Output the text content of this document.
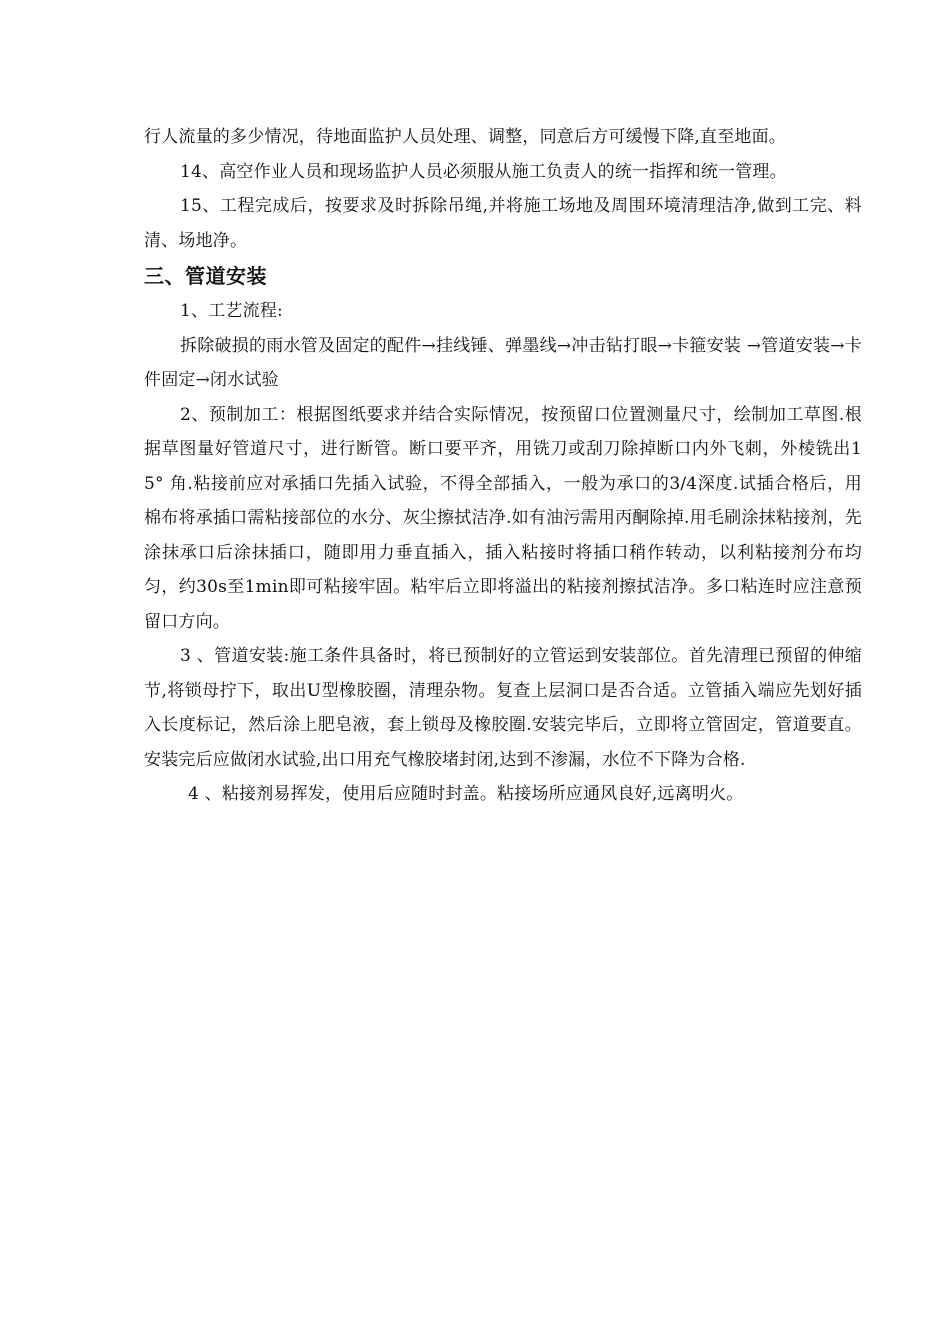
行人流量的多少情况，待地面监护人员处理、调整，同意后方可缓慢下降,直至地面。

14、高空作业人员和现场监护人员必须服从施工负责人的统一指挥和统一管理。

15、工程完成后，按要求及时拆除吊绳,并将施工场地及周围环境清理洁净,做到工完、料清、场地净。

三、管道安装

1、工艺流程:

拆除破损的雨水管及固定的配件→挂线锤、弹墨线→冲击钻打眼→卡箍安装 →管道安装→卡件固定→闭水试验

2、预制加工：根据图纸要求并结合实际情况，按预留口位置测量尺寸，绘制加工草图.根据草图量好管道尺寸，进行断管。断口要平齐，用铣刀或刮刀除掉断口内外飞刺，外棱铣出15° 角.粘接前应对承插口先插入试验，不得全部插入，一般为承口的3/4深度.试插合格后，用棉布将承插口需粘接部位的水分、灰尘擦拭洁净.如有油污需用丙酮除掉.用毛刷涂抹粘接剂，先涂抹承口后涂抹插口，随即用力垂直插入，插入粘接时将插口稍作转动，以利粘接剂分布均匀，约30s至1min即可粘接牢固。粘牢后立即将溢出的粘接剂擦拭洁净。多口粘连时应注意预留口方向。

3 、管道安装:施工条件具备时，将已预制好的立管运到安装部位。首先清理已预留的伸缩节,将锁母拧下，取出U型橡胶圈，清理杂物。复查上层洞口是否合适。立管插入端应先划好插入长度标记，然后涂上肥皂液，套上锁母及橡胶圈.安装完毕后，立即将立管固定，管道要直。安装完后应做闭水试验,出口用充气橡胶堵封闭,达到不渗漏，水位不下降为合格.

4 、粘接剂易挥发，使用后应随时封盖。粘接场所应通风良好,远离明火。
